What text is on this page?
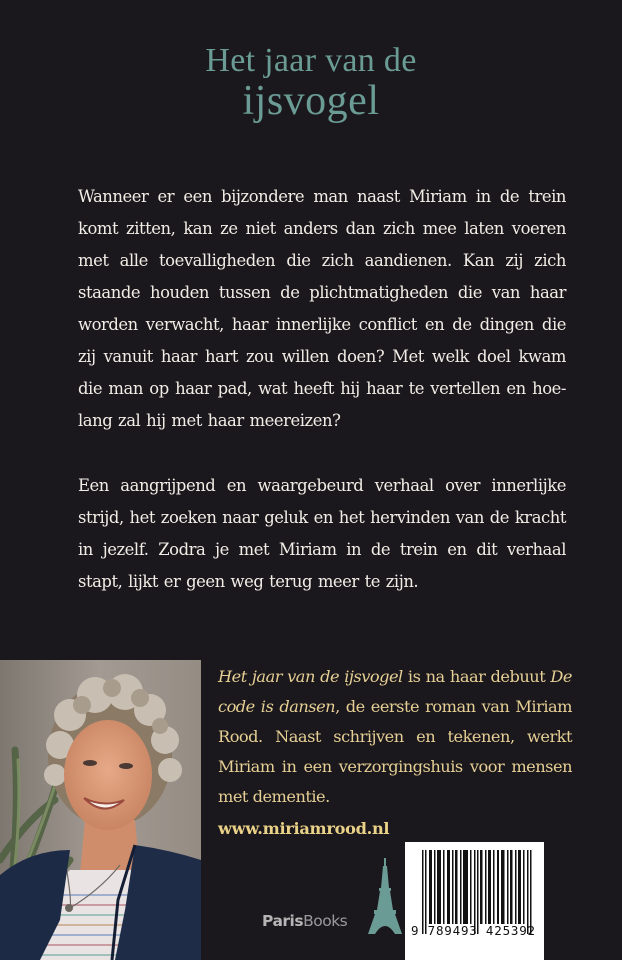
Het jaar van de
ijsvogel

Wanneer er een bijzondere man naast Miriam in de trein komt zitten, kan ze niet anders dan zich mee laten voeren met alle toevalligheden die zich aandienen. Kan zij zich staande houden tussen de plichtmatigheden die van haar worden verwacht, haar innerlijke conflict en de dingen die zij vanuit haar hart zou willen doen? Met welk doel kwam die man op haar pad, wat heeft hij haar te vertellen en hoe-lang zal hij met haar meereizen?

Een aangrijpend en waargebeurd verhaal over innerlijke strijd, het zoeken naar geluk en het hervinden van de kracht in jezelf. Zodra je met Miriam in de trein en dit verhaal stapt, lijkt er geen weg terug meer te zijn.

Het jaar van de ijsvogel is na haar debuut De code is dansen, de eerste roman van Miriam Rood. Naast schrijven en tekenen, werkt Miriam in een verzorgingshuis voor mensen met dementie.

www.miriamrood.nl
ParisBooks
9 789493 425392
